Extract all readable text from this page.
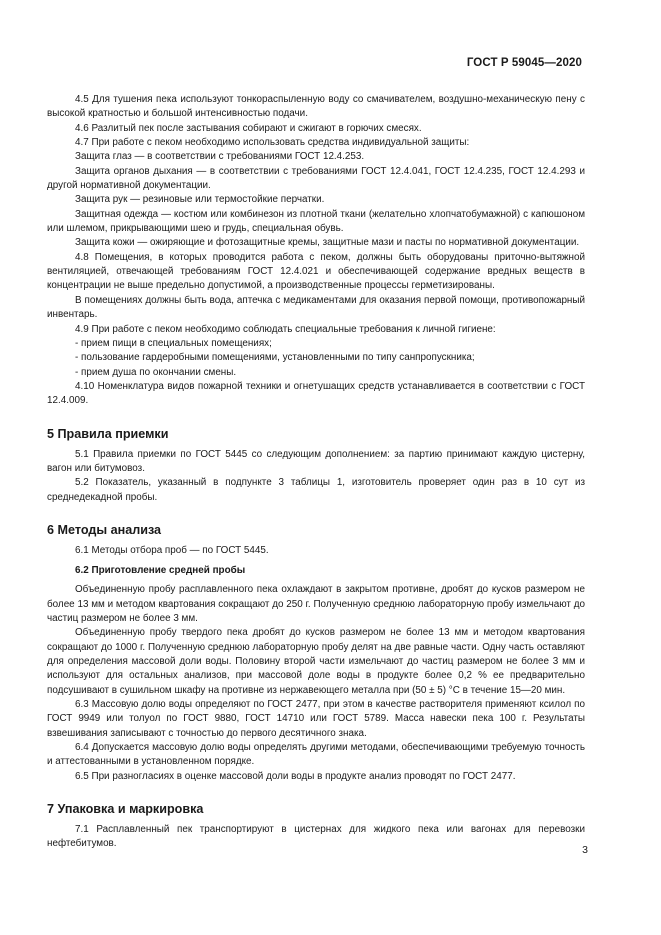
ГОСТ Р 59045—2020

4.5 Для тушения пека используют тонкораспыленную воду со смачивателем, воздушно-механическую пену с высокой кратностью и большой интенсивностью подачи.

4.6 Разлитый пек после застывания собирают и сжигают в горючих смесях.

4.7 При работе с пеком необходимо использовать средства индивидуальной защиты:

Защита глаз — в соответствии с требованиями ГОСТ 12.4.253.

Защита органов дыхания — в соответствии с требованиями ГОСТ 12.4.041, ГОСТ 12.4.235, ГОСТ 12.4.293 и другой нормативной документации.

Защита рук — резиновые или термостойкие перчатки.

Защитная одежда — костюм или комбинезон из плотной ткани (желательно хлопчатобумажной) с капюшоном или шлемом, прикрывающими шею и грудь, специальная обувь.

Защита кожи — ожиряющие и фотозащитные кремы, защитные мази и пасты по нормативной документации.

4.8 Помещения, в которых проводится работа с пеком, должны быть оборудованы приточно-вытяжной вентиляцией, отвечающей требованиям ГОСТ 12.4.021 и обеспечивающей содержание вредных веществ в концентрации не выше предельно допустимой, а производственные процессы герметизированы.

В помещениях должны быть вода, аптечка с медикаментами для оказания первой помощи, противопожарный инвентарь.

4.9 При работе с пеком необходимо соблюдать специальные требования к личной гигиене:

- прием пищи в специальных помещениях;

- пользование гардеробными помещениями, установленными по типу санпропускника;

- прием душа по окончании смены.

4.10 Номенклатура видов пожарной техники и огнетушащих средств устанавливается в соответствии с ГОСТ 12.4.009.

5 Правила приемки

5.1 Правила приемки по ГОСТ 5445 со следующим дополнением: за партию принимают каждую цистерну, вагон или битумовоз.

5.2 Показатель, указанный в подпункте 3 таблицы 1, изготовитель проверяет один раз в 10 сут из среднедекадной пробы.

6 Методы анализа

6.1 Методы отбора проб — по ГОСТ 5445.

6.2 Приготовление средней пробы

Объединенную пробу расплавленного пека охлаждают в закрытом противне, дробят до кусков размером не более 13 мм и методом квартования сокращают до 250 г. Полученную среднюю лабораторную пробу измельчают до частиц размером не более 3 мм.

Объединенную пробу твердого пека дробят до кусков размером не более 13 мм и методом квартования сокращают до 1000 г. Полученную среднюю лабораторную пробу делят на две равные части. Одну часть оставляют для определения массовой доли воды. Половину второй части измельчают до частиц размером не более 3 мм и используют для остальных анализов, при массовой доле воды в продукте более 0,2 % ее предварительно подсушивают в сушильном шкафу на противне из нержавеющего металла при (50 ± 5) °С в течение 15—20 мин.

6.3 Массовую долю воды определяют по ГОСТ 2477, при этом в качестве растворителя применяют ксилол по ГОСТ 9949 или толуол по ГОСТ 9880, ГОСТ 14710 или ГОСТ 5789. Масса навески пека 100 г. Результаты взвешивания записывают с точностью до первого десятичного знака.

6.4 Допускается массовую долю воды определять другими методами, обеспечивающими требуемую точность и аттестованными в установленном порядке.

6.5 При разногласиях в оценке массовой доли воды в продукте анализ проводят по ГОСТ 2477.

7 Упаковка и маркировка

7.1 Расплавленный пек транспортируют в цистернах для жидкого пека или вагонах для перевозки нефтебитумов.

3
